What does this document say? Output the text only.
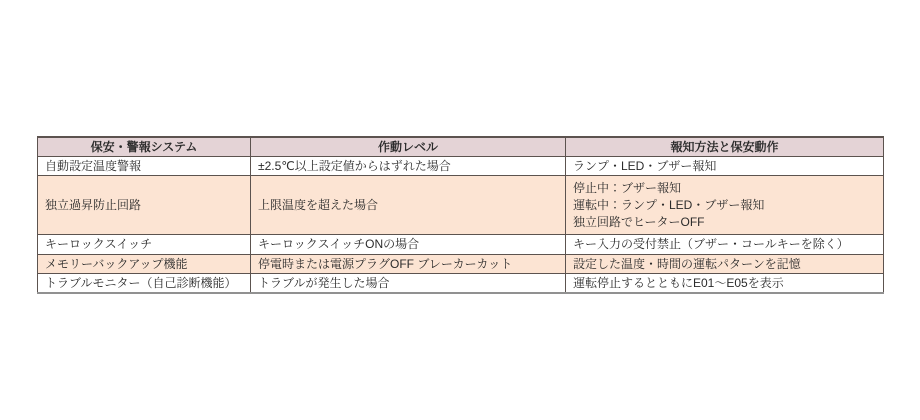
保安・警報システム	作動レベル	報知方法と保安動作
自動設定温度警報	±2.5℃以上設定値からはずれた場合	ランプ・LED・ブザー報知
独立過昇防止回路	上限温度を超えた場合	停止中：ブザー報知
運転中：ランプ・LED・ブザー報知
独立回路でヒーターOFF

キーロックスイッチ	キーロックスイッチONの場合	キー入力の受付禁止（ブザー・コールキーを除く）
メモリーバックアップ機能	停電時または電源プラグOFF ブレーカーカット	設定した温度・時間の運転パターンを記憶
トラブルモニター（自己診断機能）	トラブルが発生した場合	運転停止するとともにE01～E05を表示
